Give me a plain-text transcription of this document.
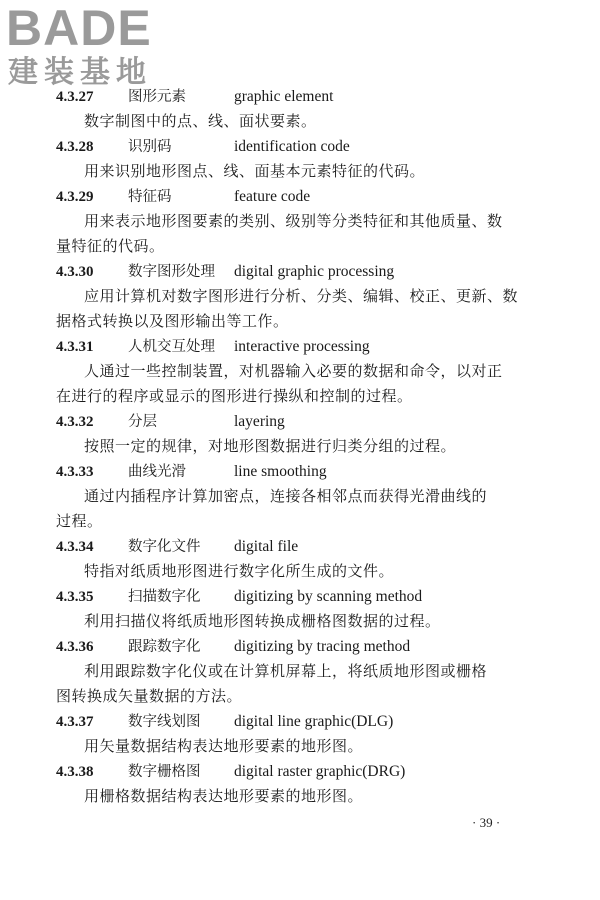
BADE
建装基地
4.3.27 图形元素	graphic element
数字制图中的点、线、面状要素。
4.3.28 识别码	identification code
用来识别地形图点、线、面基本元素特征的代码。
4.3.29 特征码	feature code
用来表示地形图要素的类别、级别等分类特征和其他质量、数
量特征的代码。
4.3.30 数字图形处理 digital graphic processing
应用计算机对数字图形进行分析、分类、编辑、校正、更新、数
据格式转换以及图形输出等工作。
4.3.31 人机交互处理 interactive processing
人通过一些控制装置，对机器输入必要的数据和命令，以对正
在进行的程序或显示的图形进行操纵和控制的过程。
4.3.32 分层	layering
按照一定的规律，对地形图数据进行归类分组的过程。
4.3.33 曲线光滑	line smoothing
通过内插程序计算加密点，连接各相邻点而获得光滑曲线的
过程。
4.3.34 数字化文件 digital file
特指对纸质地形图进行数字化所生成的文件。
4.3.35 扫描数字化 digitizing by scanning method
利用扫描仪将纸质地形图转换成栅格图数据的过程。
4.3.36 跟踪数字化 digitizing by tracing method
利用跟踪数字化仪或在计算机屏幕上，将纸质地形图或栅格
图转换成矢量数据的方法。
4.3.37 数字线划图 digital line graphic(DLG)
用矢量数据结构表达地形要素的地形图。
4.3.38 数字栅格图 digital raster graphic(DRG)
用栅格数据结构表达地形要素的地形图。
· 39 ·
